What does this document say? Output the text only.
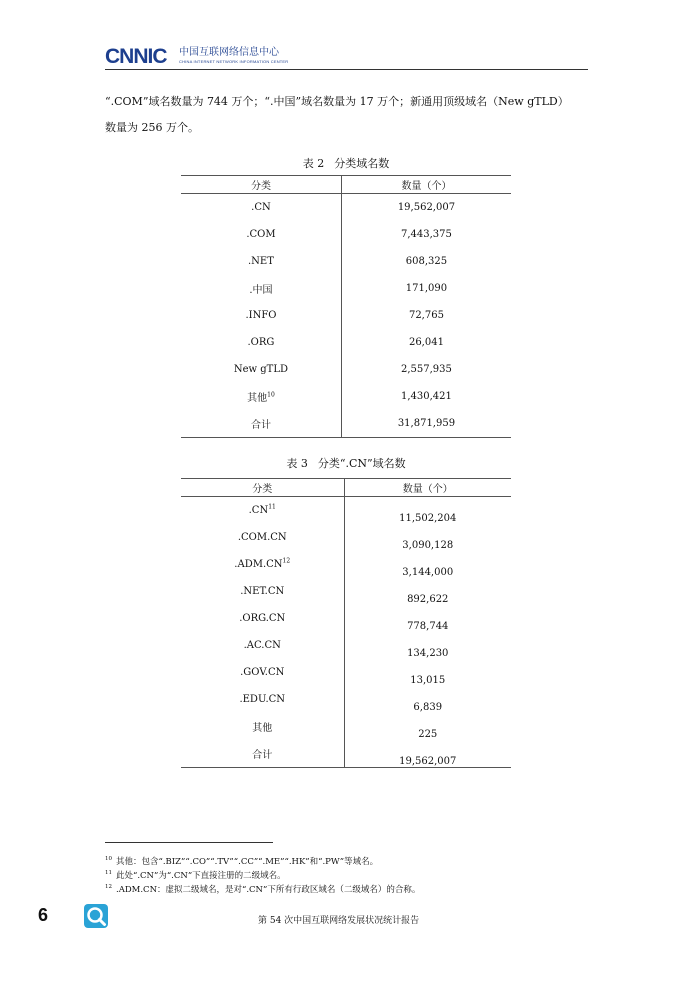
CNNIC 中国互联网络信息中心
CHINA INTERNET NETWORK INFORMATION CENTER
“.COM”域名数量为 744 万个；“.中国”域名数量为 17 万个；新通用顶级域名（New gTLD）
数量为 256 万个。
表 2 分类域名数
分类	数量（个）
.CN	19,562,007
.COM	7,443,375
.NET	608,325
.中国	171,090
.INFO	72,765
.ORG	26,041
New gTLD	2,557,935
其他$^{10}$	1,430,421
合计	31,871,959
表 3 分类“.CN”域名数
分类	数量（个）
.CN$^{11}$	11,502,204
.COM.CN	3,090,128
.ADM.CN$^{12}$	3,144,000
.NET.CN	892,622
.ORG.CN	778,744
.AC.CN	134,230
.GOV.CN	13,015
.EDU.CN	6,839
其他	225
合计	19,562,007
$^{10}$ 其他：包含“.BIZ”“.CO”“.TV”“.CC”“.ME”“.HK”和“.PW”等域名。
$^{11}$ 此处“.CN”为“.CN”下直接注册的二级域名。
$^{12}$ .ADM.CN：虚拟二级域名，是对“.CN”下所有行政区域名（二级域名）的合称。
6	第 54 次中国互联网络发展状况统计报告
